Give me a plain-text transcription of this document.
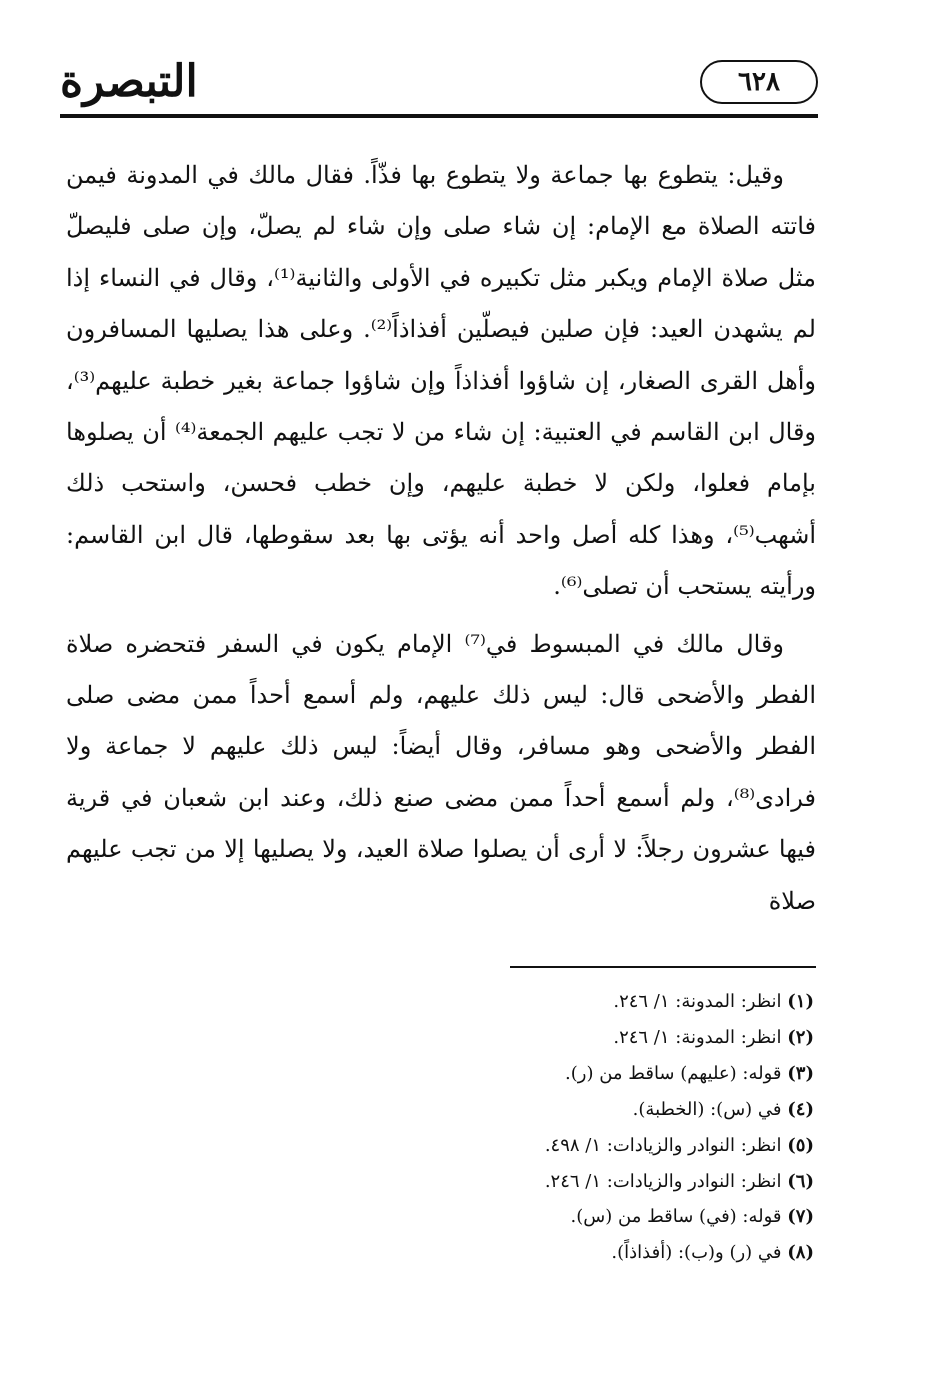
التبصرة	٦٢٨

وقيل: يتطوع بها جماعة ولا يتطوع بها فذّاً. فقال مالك في المدونة فيمن فاتته الصلاة مع الإمام: إن شاء صلى وإن شاء لم يصلّ، وإن صلى فليصلّ مثل صلاة الإمام ويكبر مثل تكبيره في الأولى والثانية⁽¹⁾، وقال في النساء إذا لم يشهدن العيد: فإن صلين فيصلّين أفذاذاً⁽²⁾. وعلى هذا يصليها المسافرون وأهل القرى الصغار، إن شاؤوا أفذاذاً وإن شاؤوا جماعة بغير خطبة عليهم⁽³⁾، وقال ابن القاسم في العتبية: إن شاء من لا تجب عليهم الجمعة⁽⁴⁾ أن يصلوها بإمام فعلوا، ولكن لا خطبة عليهم، وإن خطب فحسن، واستحب ذلك أشهب⁽⁵⁾، وهذا كله أصل واحد أنه يؤتى بها بعد سقوطها، قال ابن القاسم: ورأيته يستحب أن تصلى⁽⁶⁾.

وقال مالك في المبسوط في⁽⁷⁾ الإمام يكون في السفر فتحضره صلاة الفطر والأضحى قال: ليس ذلك عليهم، ولم أسمع أحداً ممن مضى صلى الفطر والأضحى وهو مسافر، وقال أيضاً: ليس ذلك عليهم لا جماعة ولا فرادى⁽⁸⁾، ولم أسمع أحداً ممن مضى صنع ذلك، وعند ابن شعبان في قرية فيها عشرون رجلاً: لا أرى أن يصلوا صلاة العيد، ولا يصليها إلا من تجب عليهم صلاة

(١) انظر: المدونة: ١/ ٢٤٦.
(٢) انظر: المدونة: ١/ ٢٤٦.
(٣) قوله: (عليهم) ساقط من (ر).
(٤) في (س): (الخطبة).
(٥) انظر: النوادر والزيادات: ١/ ٤٩٨.
(٦) انظر: النوادر والزيادات: ١/ ٢٤٦.
(٧) قوله: (في) ساقط من (س).
(٨) في (ر) و(ب): (أفذاذاً).
